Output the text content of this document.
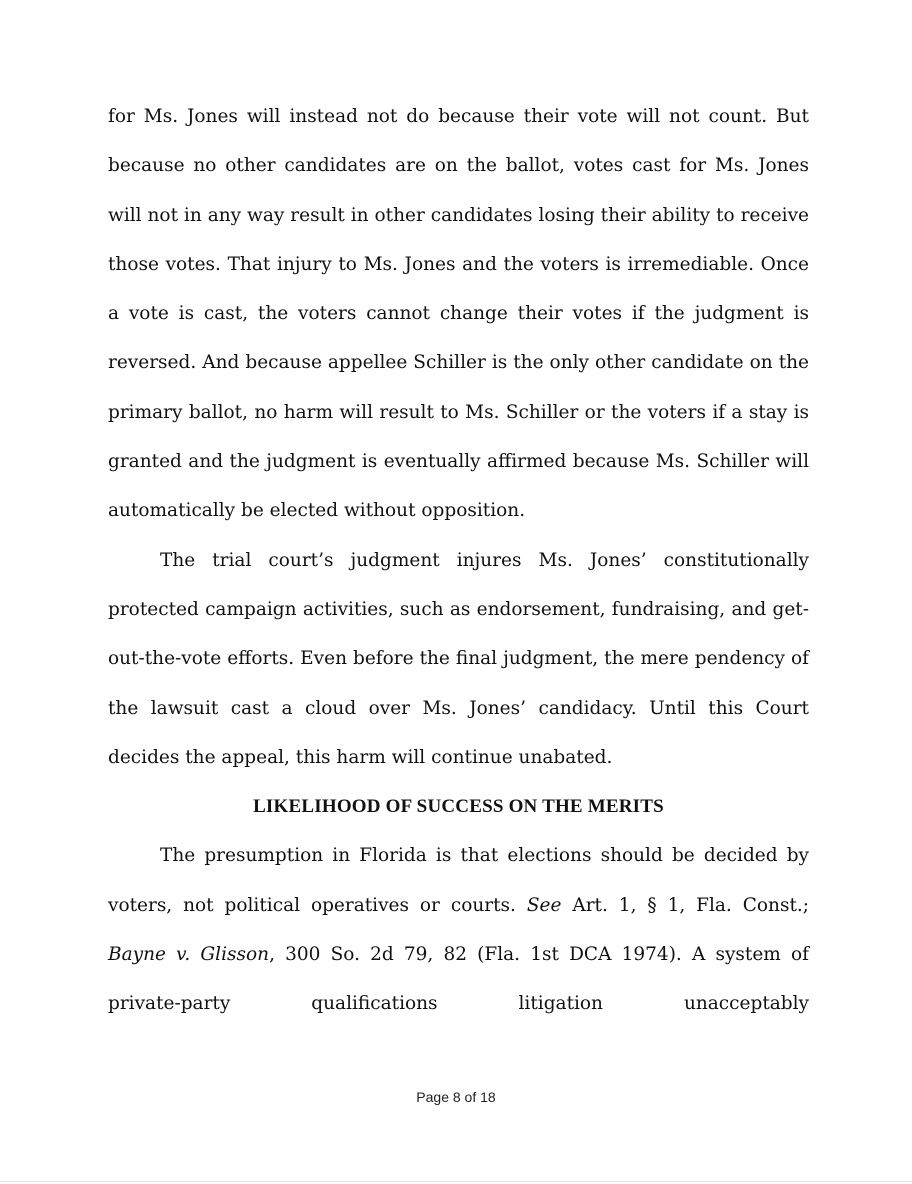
for Ms. Jones will instead not do because their vote will not count. But because no other candidates are on the ballot, votes cast for Ms. Jones will not in any way result in other candidates losing their ability to receive those votes. That injury to Ms. Jones and the voters is irremediable. Once a vote is cast, the voters cannot change their votes if the judgment is reversed. And because appellee Schiller is the only other candidate on the primary ballot, no harm will result to Ms. Schiller or the voters if a stay is granted and the judgment is eventually affirmed because Ms. Schiller will automatically be elected without opposition.

The trial court’s judgment injures Ms. Jones’ constitutionally protected campaign activities, such as endorsement, fundraising, and get-out-the-vote efforts. Even before the final judgment, the mere pendency of the lawsuit cast a cloud over Ms. Jones’ candidacy. Until this Court decides the appeal, this harm will continue unabated.

LIKELIHOOD OF SUCCESS ON THE MERITS

The presumption in Florida is that elections should be decided by voters, not political operatives or courts. See Art. 1, § 1, Fla. Const.; Bayne v. Glisson, 300 So. 2d 79, 82 (Fla. 1st DCA 1974). A system of private-party qualifications litigation unacceptably

Page 8 of 18
